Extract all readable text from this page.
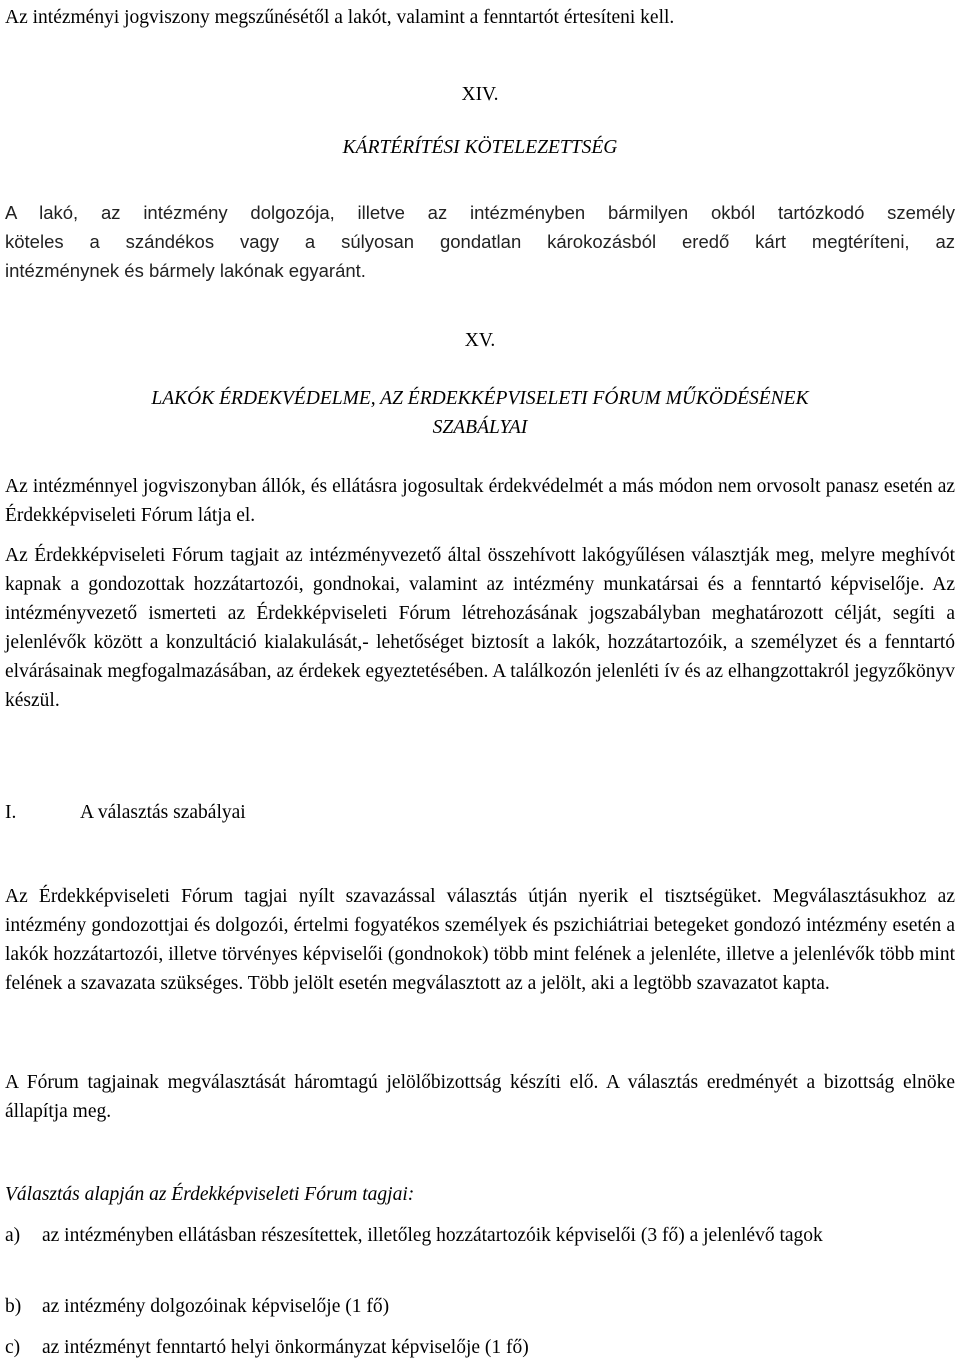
Az intézményi jogviszony megszűnésétől a lakót, valamint a fenntartót értesíteni kell.

XIV.

KÁRTÉRÍTÉSI KÖTELEZETTSÉG

A lakó, az intézmény dolgozója, illetve az intézményben bármilyen okból tartózkodó személy

köteles a szándékos vagy a súlyosan gondatlan károkozásból eredő kárt megtéríteni, az

intézménynek és bármely lakónak egyaránt.

XV.

LAKÓK ÉRDEKVÉDELME, AZ ÉRDEKKÉPVISELETI FÓRUM MŰKÖDÉSÉNEK

SZABÁLYAI

Az intézménnyel jogviszonyban állók, és ellátásra jogosultak érdekvédelmét a más módon nem orvosolt panasz esetén az Érdekképviseleti Fórum látja el.

Az Érdekképviseleti Fórum tagjait az intézményvezető által összehívott lakógyűlésen választják meg, melyre meghívót kapnak a gondozottak hozzátartozói, gondnokai, valamint az intézmény munkatársai és a fenntartó képviselője. Az intézményvezető ismerteti az Érdekképviseleti Fórum létrehozásának jogszabályban meghatározott célját, segíti a jelenlévők között a konzultáció kialakulását,- lehetőséget biztosít a lakók, hozzátartozóik, a személyzet és a fenntartó elvárásainak megfogalmazásában, az érdekek egyeztetésében. A találkozón jelenléti ív és az elhangzottakról jegyzőkönyv készül.

I.	A választás szabályai

Az Érdekképviseleti Fórum tagjai nyílt szavazással választás útján nyerik el tisztségüket. Megválasztásukhoz az intézmény gondozottjai és dolgozói, értelmi fogyatékos személyek és pszichiátriai betegeket gondozó intézmény esetén a lakók hozzátartozói, illetve törvényes képviselői (gondnokok) több mint felének a jelenléte, illetve a jelenlévők több mint felének a szavazata szükséges. Több jelölt esetén megválasztott az a jelölt, aki a legtöbb szavazatot kapta.

A Fórum tagjainak megválasztását háromtagú jelölőbizottság készíti elő. A választás eredményét a bizottság elnöke állapítja meg.

Választás alapján az Érdekképviseleti Fórum tagjai:

a) az intézményben ellátásban részesítettek, illetőleg hozzátartozóik képviselői (3 fő) a jelenlévő tagok
b) az intézmény dolgozóinak képviselője (1 fő)
c) az intézményt fenntartó helyi önkormányzat képviselője (1 fő)
